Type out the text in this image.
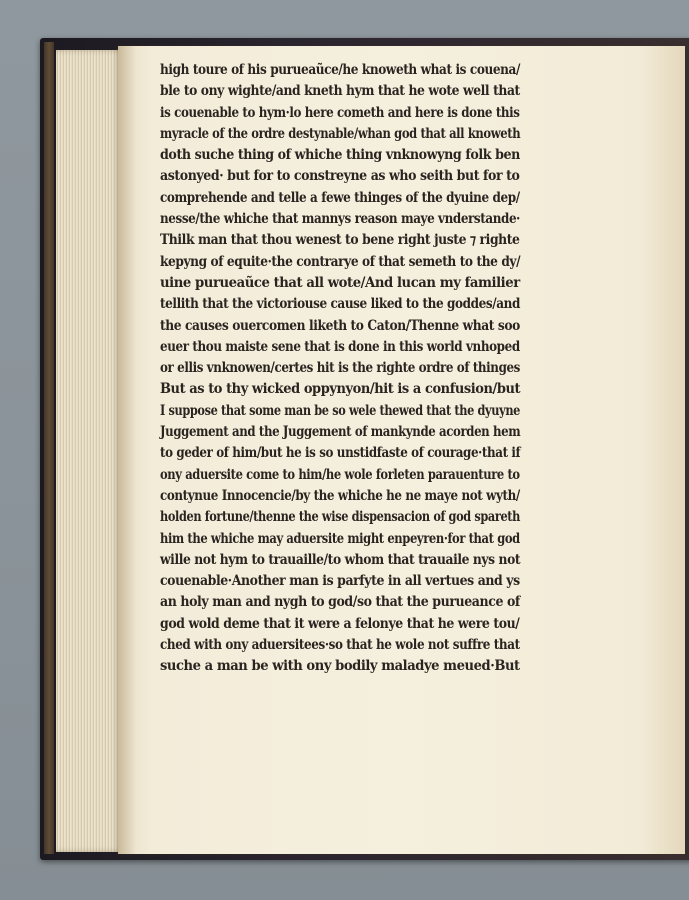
high toure of his purueaũce/he knoweth what is couena/
ble to ony wighte/and kneth hym that he wote well that
is couenable to hym·lo here cometh and here is done this
myracle of the ordre destynable/whan god that all knoweth
doth suche thing of whiche thing vnknowyng folk ben
astonyed· but for to constreyne as who seith but for to
comprehende and telle a fewe thinges of the dyuine dep/
nesse/the whiche that mannys reason maye vnderstande·
Thilk man that thou wenest to bene right juste ⁊ righte
kepyng of equite·the contrarye of that semeth to the dy/
uine purueaũce that all wote/And lucan my familier
tellith that the victoriouse cause liked to the goddes/and
the causes ouercomen liketh to Caton/Thenne what soo
euer thou maiste sene that is done in this world vnhoped
or ellis vnknowen/certes hit is the righte ordre of thinges
But as to thy wicked oppynyon/hit is a confusion/but
I suppose that some man be so wele thewed that the dyuyne
Juggement and the Juggement of mankynde acorden hem
to geder of him/but he is so unstidfaste of courage·that if
ony aduersite come to him/he wole forleten parauenture to
contynue Innocencie/by the whiche he ne maye not wyth/
holden fortune/thenne the wise dispensacion of god spareth
him the whiche may aduersite might enpeyren·for that god
wille not hym to trauaille/to whom that trauaile nys not
couenable·Another man is parfyte in all vertues and ys
an holy man and nygh to god/so that the purueance of
god wold deme that it were a felonye that he were tou/
ched with ony aduersitees·so that he wole not suffre that
suche a man be with ony bodily maladye meued·But
